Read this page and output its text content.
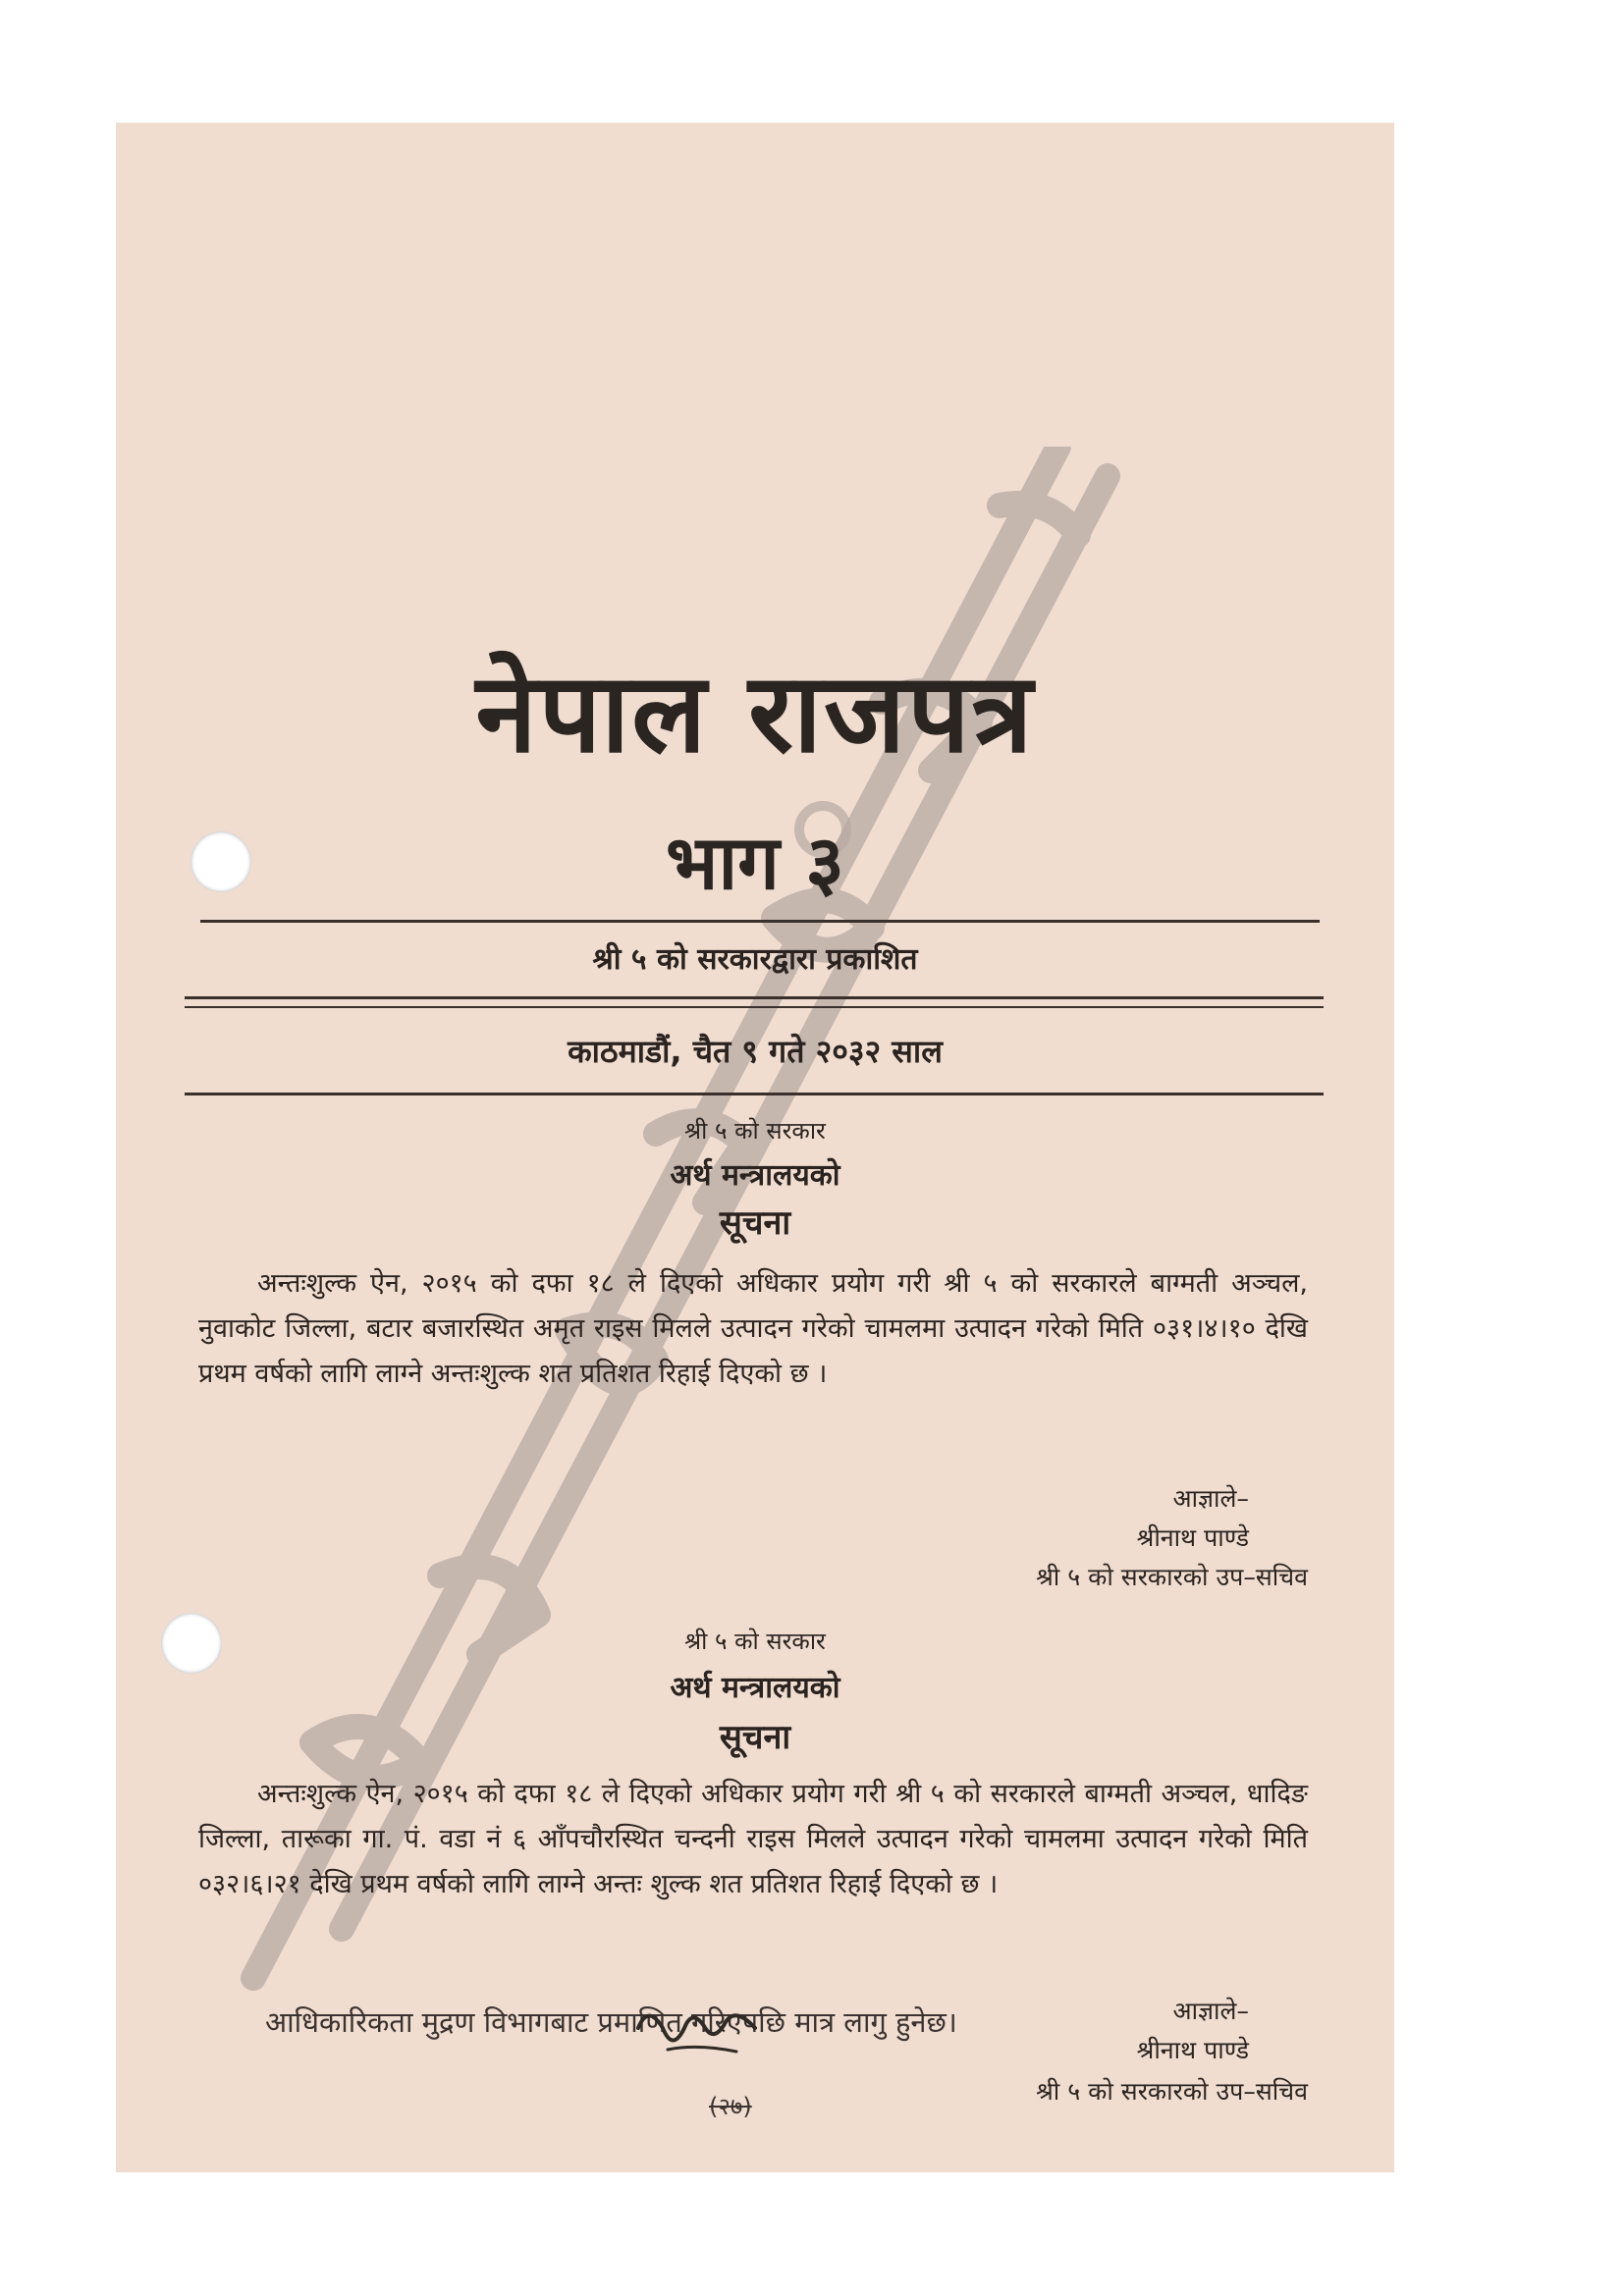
नेपाल राजपत्र
भाग ३
श्री ५ को सरकारद्वारा प्रकाशित
काठमाडौं, चैत ९ गते २०३२ साल
श्री ५ को सरकार
अर्थ मन्त्रालयको
सूचना
अन्तःशुल्क ऐन, २०१५ को दफा १८ ले दिएको अधिकार प्रयोग गरी श्री ५ को सरकारले बाग्मती अञ्चल, नुवाकोट जिल्ला, बटार बजारस्थित अमृत राइस मिलले उत्पादन गरेको चामलमा उत्पादन गरेको मिति ०३१।४।१० देखि प्रथम वर्षको लागि लाग्ने अन्तःशुल्क शत प्रतिशत रिहाई दिएको छ ।
आज्ञाले–
श्रीनाथ पाण्डे
श्री ५ को सरकारको उप–सचिव
श्री ५ को सरकार
अर्थ मन्त्रालयको
सूचना
अन्तःशुल्क ऐन, २०१५ को दफा १८ ले दिएको अधिकार प्रयोग गरी श्री ५ को सरकारले बाग्मती अञ्चल, धादिङ जिल्ला, तारूका गा. पं. वडा नं ६ आँपचौरस्थित चन्दनी राइस मिलले उत्पादन गरेको चामलमा उत्पादन गरेको मिति ०३२।६।२१ देखि प्रथम वर्षको लागि लाग्ने अन्तः शुल्क शत प्रतिशत रिहाई दिएको छ ।
आज्ञाले–
श्रीनाथ पाण्डे
श्री ५ को सरकारको उप–सचिव
(२७)
आधिकारिकता मुद्रण विभागबाट प्रमाणित गरिएपछि मात्र लागु हुनेछ।
